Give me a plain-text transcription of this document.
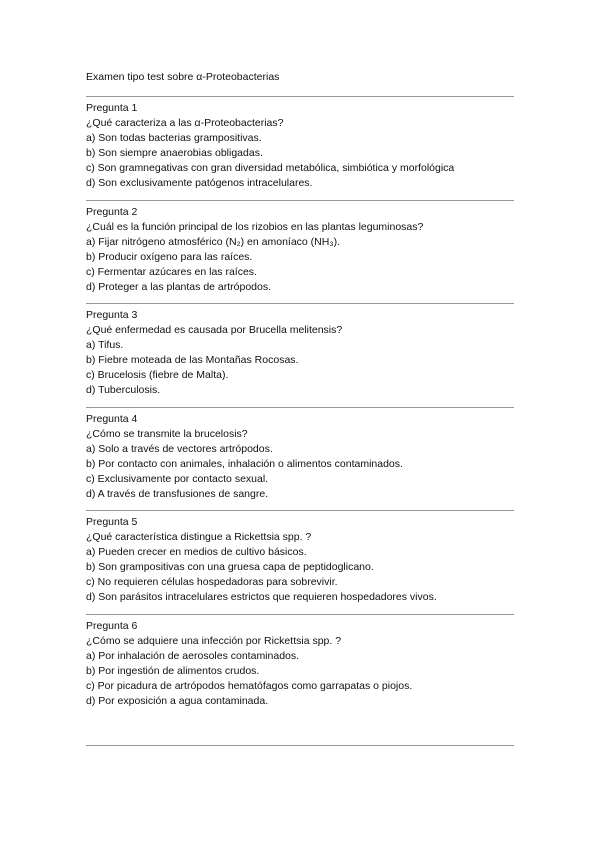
Examen tipo test sobre α-Proteobacterias
Pregunta 1
¿Qué caracteriza a las α-Proteobacterias?
a) Son todas bacterias grampositivas.
b) Son siempre anaerobias obligadas.
c) Son gramnegativas con gran diversidad metabólica, simbiótica y morfológica
d) Son exclusivamente patógenos intracelulares.
Pregunta 2
¿Cuál es la función principal de los rizobios en las plantas leguminosas?
a) Fijar nitrógeno atmosférico (N₂) en amoníaco (NH₃).
b) Producir oxígeno para las raíces.
c) Fermentar azúcares en las raíces.
d) Proteger a las plantas de artrópodos.
Pregunta 3
¿Qué enfermedad es causada por Brucella melitensis?
a) Tifus.
b) Fiebre moteada de las Montañas Rocosas.
c) Brucelosis (fiebre de Malta).
d) Tuberculosis.
Pregunta 4
¿Cómo se transmite la brucelosis?
a) Solo a través de vectores artrópodos.
b) Por contacto con animales, inhalación o alimentos contaminados.
c) Exclusivamente por contacto sexual.
d) A través de transfusiones de sangre.
Pregunta 5
¿Qué característica distingue a Rickettsia spp. ?
a) Pueden crecer en medios de cultivo básicos.
b) Son grampositivas con una gruesa capa de peptidoglicano.
c) No requieren células hospedadoras para sobrevivir.
d) Son parásitos intracelulares estrictos que requieren hospedadores vivos.
Pregunta 6
¿Cómo se adquiere una infección por Rickettsia spp. ?
a) Por inhalación de aerosoles contaminados.
b) Por ingestión de alimentos crudos.
c) Por picadura de artrópodos hematófagos como garrapatas o piojos.
d) Por exposición a agua contaminada.
